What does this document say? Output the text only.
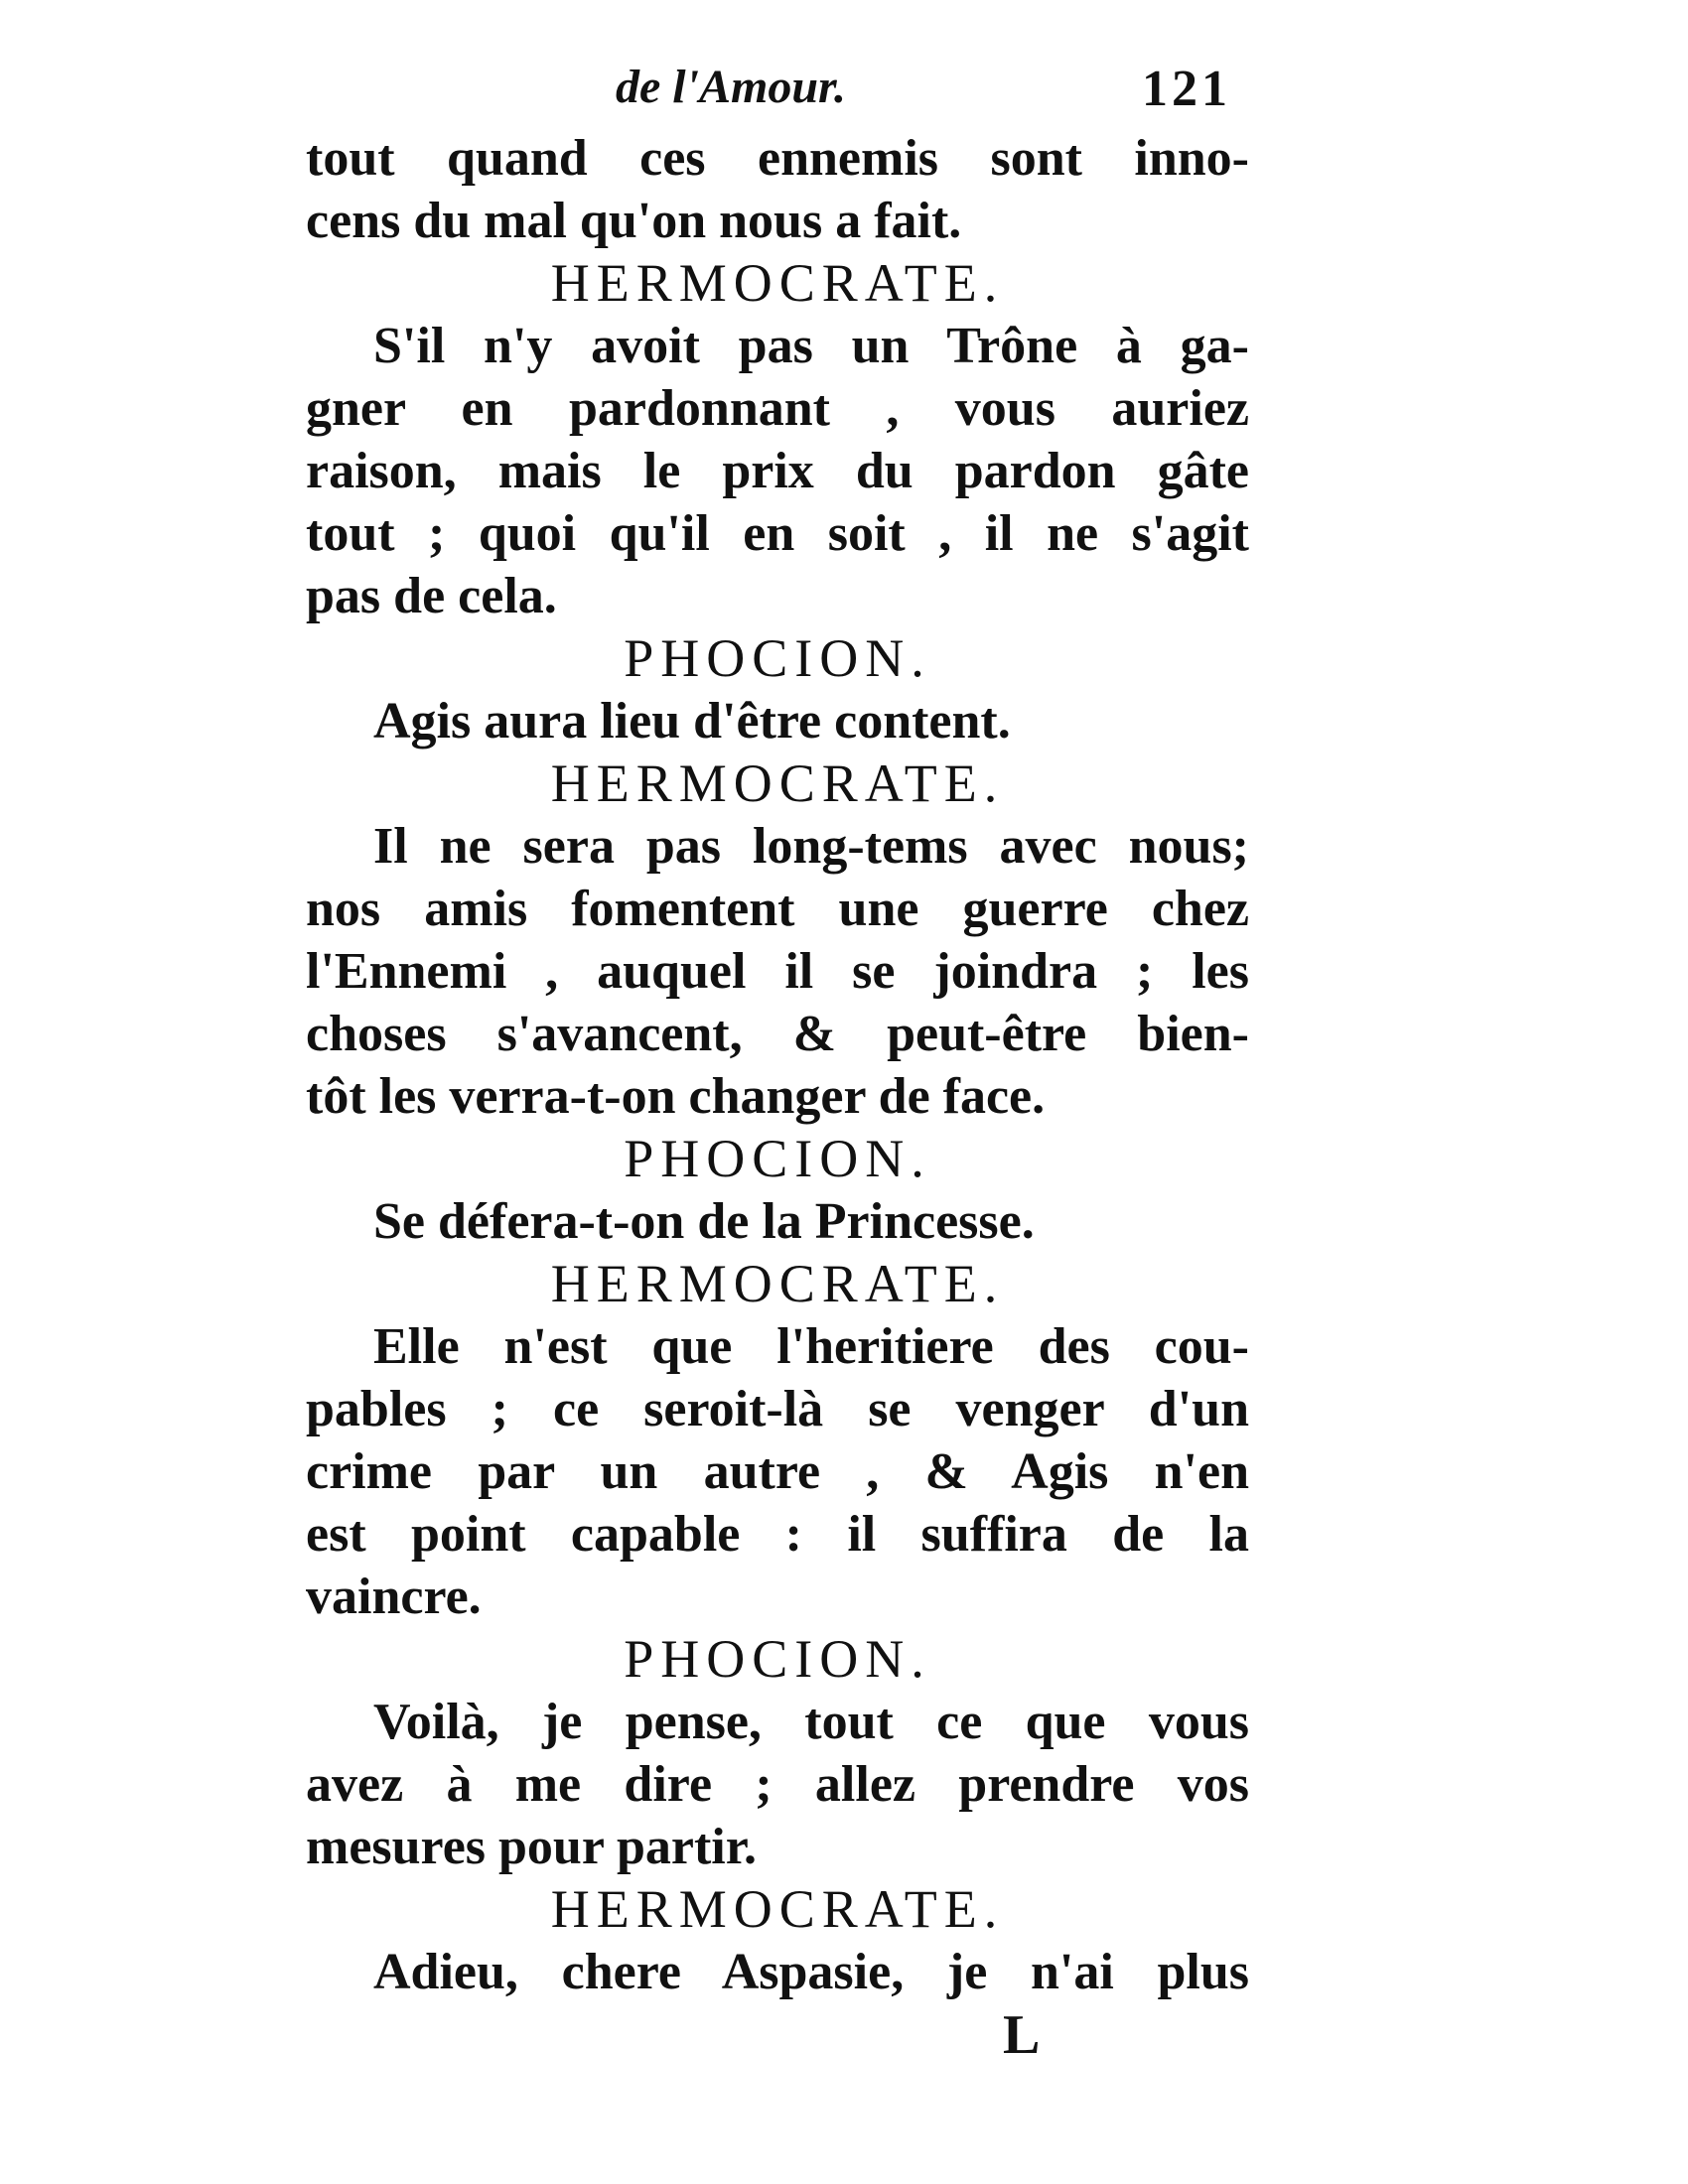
de l'Amour.	121
tout quand ces ennemis sont inno-
cens du mal qu'on nous a fait.
HERMOCRATE.
S'il n'y avoit pas un Trône à ga-
gner en pardonnant , vous auriez
raison, mais le prix du pardon gâte
tout ; quoi qu'il en soit , il ne s'agit
pas de cela.
PHOCION.
Agis aura lieu d'être content.
HERMOCRATE.
Il ne sera pas long-tems avec nous;
nos amis fomentent une guerre chez
l'Ennemi , auquel il se joindra ; les
choses s'avancent, & peut-être bien-
tôt les verra-t-on changer de face.
PHOCION.
Se défera-t-on de la Princesse.
HERMOCRATE.
Elle n'est que l'heritiere des cou-
pables ; ce seroit-là se venger d'un
crime par un autre , & Agis n'en
est point capable : il suffira de la
vaincre.
PHOCION.
Voilà, je pense, tout ce que vous
avez à me dire ; allez prendre vos
mesures pour partir.
HERMOCRATE.
Adieu, chere Aspasie, je n'ai plus
L
